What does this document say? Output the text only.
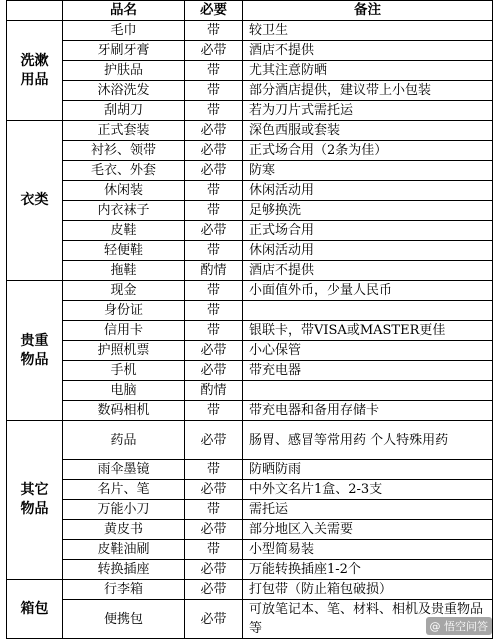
	品名	必要	备注
洗漱用品	毛巾	带	较卫生
	牙刷牙膏	必带	酒店不提供
	护肤品	带	尤其注意防晒
	沐浴洗发	带	部分酒店提供，建议带上小包装
	刮胡刀	带	若为刀片式需托运
衣类	正式套装	必带	深色西服或套装
	衬衫、领带	必带	正式场合用（2条为佳）
	毛衣、外套	必带	防寒
	休闲装	带	休闲活动用
	内衣袜子	带	足够换洗
	皮鞋	必带	正式场合用
	轻便鞋	带	休闲活动用
	拖鞋	酌情	酒店不提供
贵重物品	现金	带	小面值外币，少量人民币
	身份证	带	
	信用卡	带	银联卡，带VISA或MASTER更佳
	护照机票	必带	小心保管
	手机	必带	带充电器
	电脑	酌情	
	数码相机	带	带充电器和备用存储卡
其它物品	药品	必带	肠胃、感冒等常用药 个人特殊用药
	雨伞墨镜	带	防晒防雨
	名片、笔	必带	中外文名片1盒、2-3支
	万能小刀	带	需托运
	黄皮书	必带	部分地区入关需要
	皮鞋油刷	带	小型简易装
	转换插座	必带	万能转换插座1-2个
箱包	行李箱	必带	打包带（防止箱包破损）
	便携包	必带	可放笔记本、笔、材料、相机及贵重物品等	@ 悟空问答
